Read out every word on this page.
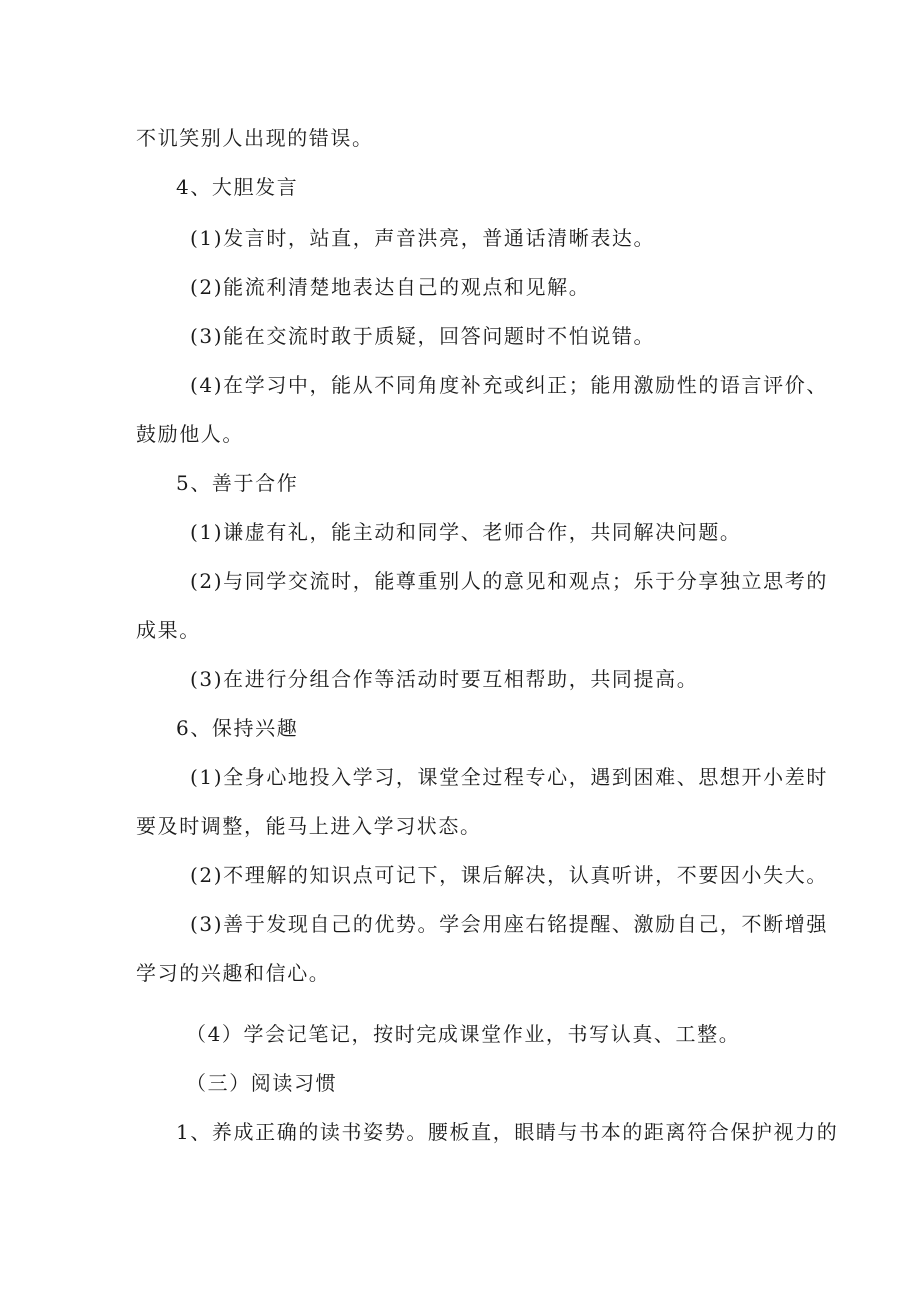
不讥笑别人出现的错误。

4、大胆发言

(1)发言时，站直，声音洪亮，普通话清晰表达。

(2)能流利清楚地表达自己的观点和见解。

(3)能在交流时敢于质疑，回答问题时不怕说错。

(4)在学习中，能从不同角度补充或纠正；能用激励性的语言评价、

鼓励他人。

5、善于合作

(1)谦虚有礼，能主动和同学、老师合作，共同解决问题。

(2)与同学交流时，能尊重别人的意见和观点；乐于分享独立思考的

成果。

(3)在进行分组合作等活动时要互相帮助，共同提高。

6、保持兴趣

(1)全身心地投入学习，课堂全过程专心，遇到困难、思想开小差时

要及时调整，能马上进入学习状态。

(2)不理解的知识点可记下，课后解决，认真听讲，不要因小失大。

(3)善于发现自己的优势。学会用座右铭提醒、激励自己，不断增强

学习的兴趣和信心。

（4）学会记笔记，按时完成课堂作业，书写认真、工整。

（三）阅读习惯

1、养成正确的读书姿势。腰板直，眼睛与书本的距离符合保护视力的
